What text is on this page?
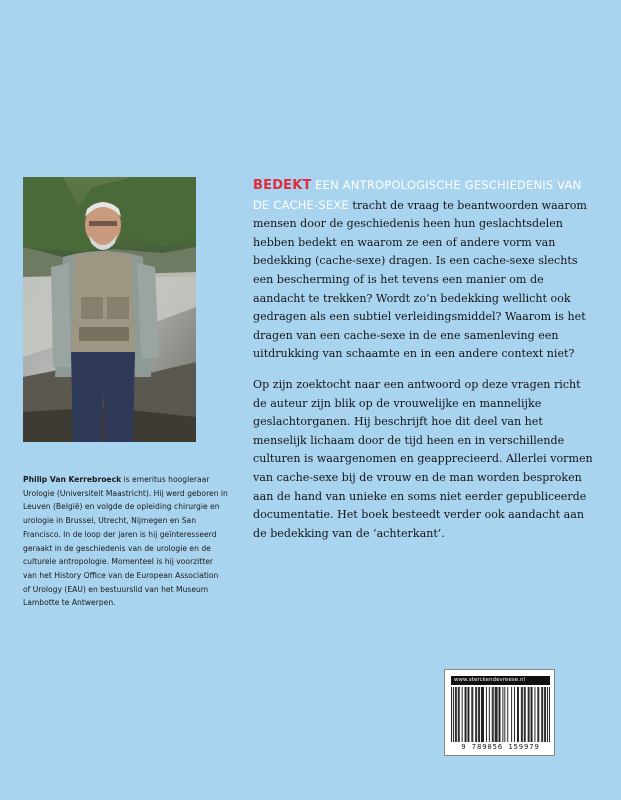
Philip Van Kerrebroeck is emeritus hoogleraar Urologie (Universiteit Maastricht). Hij werd geboren in Leuven (België) en volgde de opleiding chirurgie en urologie in Brussel, Utrecht, Nijmegen en San Francisco. In de loop der jaren is hij geïnteresseerd geraakt in de geschiedenis van de urologie en de culturele antropologie. Momenteel is hij voorzitter van het History Office van de European Association of Urology (EAU) en bestuurslid van het Museum Lambotte te Antwerpen.

BEDEKT EEN ANTROPOLOGISCHE GESCHIEDENIS VAN DE CACHE-SEXE tracht de vraag te beantwoorden waarom mensen door de geschiedenis heen hun geslachtsdelen hebben bedekt en waarom ze een of andere vorm van bedekking (cache-sexe) dragen. Is een cache-sexe slechts een bescherming of is het tevens een manier om de aandacht te trekken? Wordt zo’n bedekking wellicht ook gedragen als een subtiel verleidingsmiddel? Waarom is het dragen van een cache-sexe in de ene samenleving een uitdrukking van schaamte en in een andere context niet?

Op zijn zoektocht naar een antwoord op deze vragen richt de auteur zijn blik op de vrouwelijke en mannelijke geslachtorganen. Hij beschrijft hoe dit deel van het menselijk lichaam door de tijd heen en in verschillende culturen is waargenomen en geapprecieerd. Allerlei vormen van cache-sexe bij de vrouw en de man worden besproken aan de hand van unieke en soms niet eerder gepubliceerde documentatie. Het boek besteedt verder ook aandacht aan de bedekking van de ‘achterkant’.

www.sterckendevreese.nl
9 789056 159979
